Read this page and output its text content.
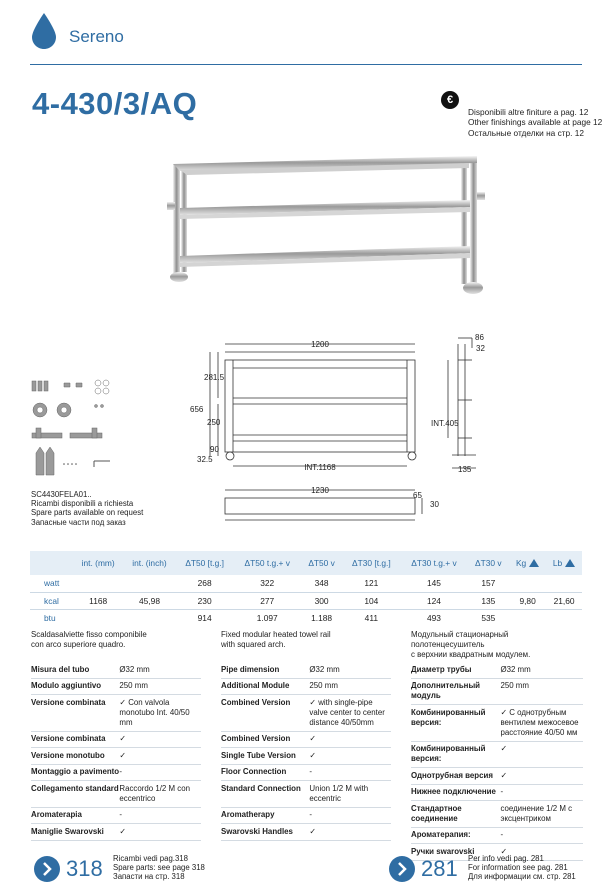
Sereno
4-430/3/AQ	€
Disponibili altre finiture a pag. 12
Other finishings available at page 12
Остальные отделки на стр. 12
1200
86
32
281.5
656
250	INT.405
90
32.5
INT.1168	135
1230
65
30
SC4430FELA01..
Ricambi disponibili a richiesta
Spare parts available on request
Запасные части под заказ
	int. (mm)	int. (inch)	ΔT50 [t.g.]	ΔT50 t.g.+ v	ΔT50 v	ΔT30 [t.g.]	ΔT30 t.g.+ v	ΔT30 v	Kg	Lb
watt			268	322	348	121	145	157		
kcal	1168	45,98	230	277	300	104	124	135	9,80	21,60
btu			914	1.097	1.188	411	493	535		
Scaldasalviette fisso componibile
con arco superiore quadro.
Misura del tubo	Ø32 mm
Modulo aggiuntivo	250 mm
Versione combinata	✓ Con valvola monotubo Int. 40/50 mm
Versione combinata	✓
Versione monotubo	✓
Montaggio a pavimento	-
Collegamento standard	Raccordo 1/2 M con eccentrico
Aromaterapia	-
Maniglie Swarovski	✓
Fixed modular heated towel rail
with squared arch.
Pipe dimension	Ø32 mm
Additional Module	250 mm
Combined Version	✓ with single-pipe valve center to center distance 40/50mm
Combined Version	✓
Single Tube Version	✓
Floor Connection	-
Standard Connection	Union 1/2 M with eccentric
Aromatherapy	-
Swarovski Handles	✓
Модульный стационарный полотенцесушитель
с верхнии квадратным модулем.
Диаметр трубы	Ø32 mm
Дополнительный модуль	250 mm
Комбинированный версия:	✓ С однотрубным вентилем межосевое расстояние 40/50 мм
Комбинированный версия:	✓
Однотрубная версия	✓
Нижнее подключение	-
Стандартное соединение	соединение 1/2 M с эксцентриком
Ароматерапия:	-
Ручки swarovski	✓
318 Ricambi vedi pag.318
Spare parts: see page 318
Запасти на стр. 318	281 Per info vedi pag. 281
For information see pag. 281
Для информации см. стр. 281
